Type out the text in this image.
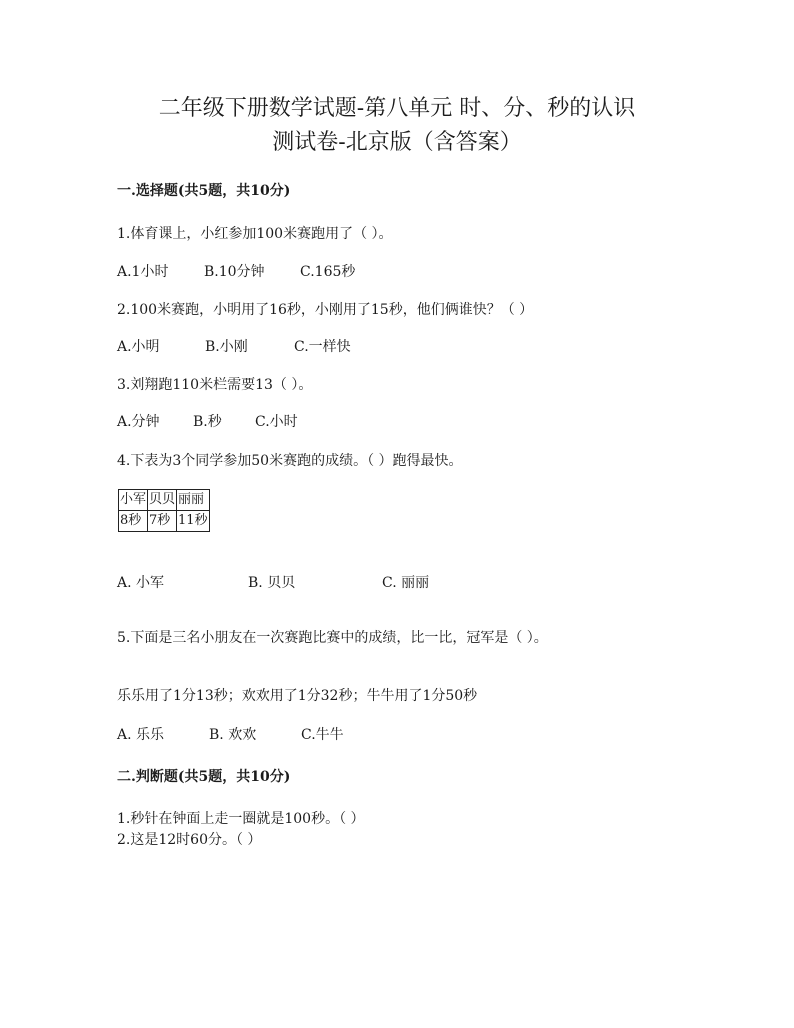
二年级下册数学试题-第八单元 时、分、秒的认识
测试卷-北京版（含答案）
一.选择题(共5题，共10分)
1.体育课上，小红参加100米赛跑用了（ ）。
A.1小时	B.10分钟	C.165秒
2.100米赛跑，小明用了16秒，小刚用了15秒，他们俩谁快？（ ）
A.小明	B.小刚	C.一样快
3.刘翔跑110米栏需要13（ ）。
A.分钟 B.秒 C.小时
4.下表为3个同学参加50米赛跑的成绩。（ ）跑得最快。
小军	贝贝	丽丽
8秒	7秒	11秒
A. 小军	B. 贝贝	C. 丽丽
5.下面是三名小朋友在一次赛跑比赛中的成绩，比一比，冠军是（ ）。
乐乐用了1分13秒；欢欢用了1分32秒；牛牛用了1分50秒
A. 乐乐	B. 欢欢	C.牛牛
二.判断题(共5题，共10分)
1.秒针在钟面上走一圈就是100秒。（ ）
2.这是12时60分。（ ）
